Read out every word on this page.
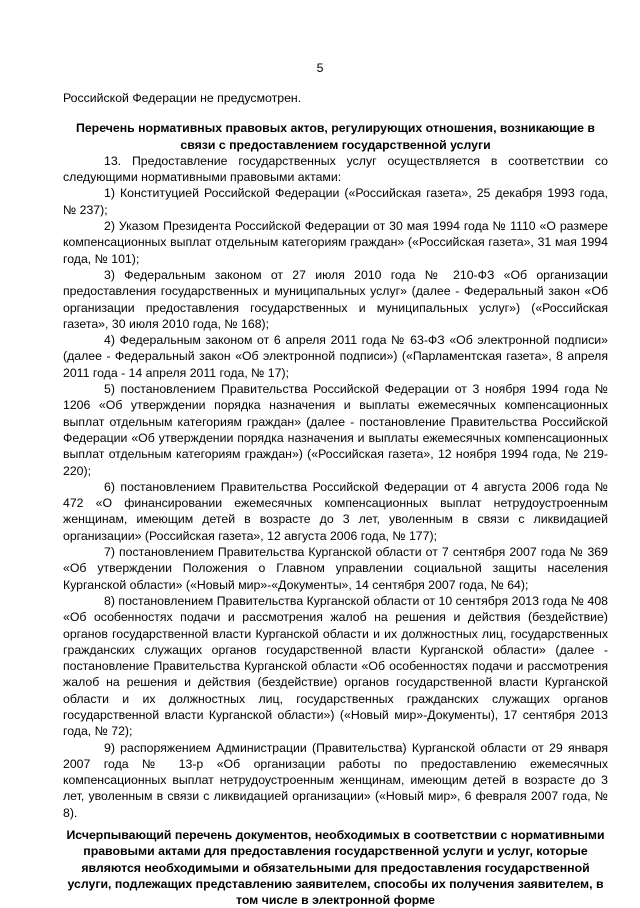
5

Российской Федерации не предусмотрен.

Перечень нормативных правовых актов, регулирующих отношения, возникающие в связи с предоставлением государственной услуги

13. Предоставление государственных услуг осуществляется в соответствии со следующими нормативными правовыми актами:

1) Конституцией Российской Федерации («Российская газета», 25 декабря 1993 года, № 237);

2) Указом Президента Российской Федерации от 30 мая 1994 года № 1110 «О размере компенсационных выплат отдельным категориям граждан» («Российская газета», 31 мая 1994 года, № 101);

3) Федеральным законом от 27 июля 2010 года № 210-ФЗ «Об организации предоставления государственных и муниципальных услуг» (далее - Федеральный закон «Об организации предоставления государственных и муниципальных услуг») («Российская газета», 30 июля 2010 года, № 168);

4) Федеральным законом от 6 апреля 2011 года № 63-ФЗ «Об электронной подписи» (далее - Федеральный закон «Об электронной подписи») («Парламентская газета», 8 апреля 2011 года - 14 апреля 2011 года, № 17);

5) постановлением Правительства Российской Федерации от 3 ноября 1994 года № 1206 «Об утверждении порядка назначения и выплаты ежемесячных компенсационных выплат отдельным категориям граждан» (далее - постановление Правительства Российской Федерации «Об утверждении порядка назначения и выплаты ежемесячных компенсационных выплат отдельным категориям граждан») («Российская газета», 12 ноября 1994 года, № 219-220);

6) постановлением Правительства Российской Федерации от 4 августа 2006 года № 472 «О финансировании ежемесячных компенсационных выплат нетрудоустроенным женщинам, имеющим детей в возрасте до 3 лет, уволенным в связи с ликвидацией организации» (Российская газета», 12 августа 2006 года, № 177);

7) постановлением Правительства Курганской области от 7 сентября 2007 года № 369 «Об утверждении Положения о Главном управлении социальной защиты населения Курганской области» («Новый мир»-«Документы», 14 сентября 2007 года, № 64);

8) постановлением Правительства Курганской области от 10 сентября 2013 года № 408 «Об особенностях подачи и рассмотрения жалоб на решения и действия (бездействие) органов государственной власти Курганской области и их должностных лиц, государственных гражданских служащих органов государственной власти Курганской области» (далее - постановление Правительства Курганской области «Об особенностях подачи и рассмотрения жалоб на решения и действия (бездействие) органов государственной власти Курганской области и их должностных лиц, государственных гражданских служащих органов государственной власти Курганской области») («Новый мир»-Документы), 17 сентября 2013 года, № 72);

9) распоряжением Администрации (Правительства) Курганской области от 29 января 2007 года № 13-р «Об организации работы по предоставлению ежемесячных компенсационных выплат нетрудоустроенным женщинам, имеющим детей в возрасте до 3 лет, уволенным в связи с ликвидацией организации» («Новый мир», 6 февраля 2007 года, № 8).

Исчерпывающий перечень документов, необходимых в соответствии с нормативными правовыми актами для предоставления государственной услуги и услуг, которые являются необходимыми и обязательными для предоставления государственной услуги, подлежащих представлению заявителем, способы их получения заявителем, в том числе в электронной форме
